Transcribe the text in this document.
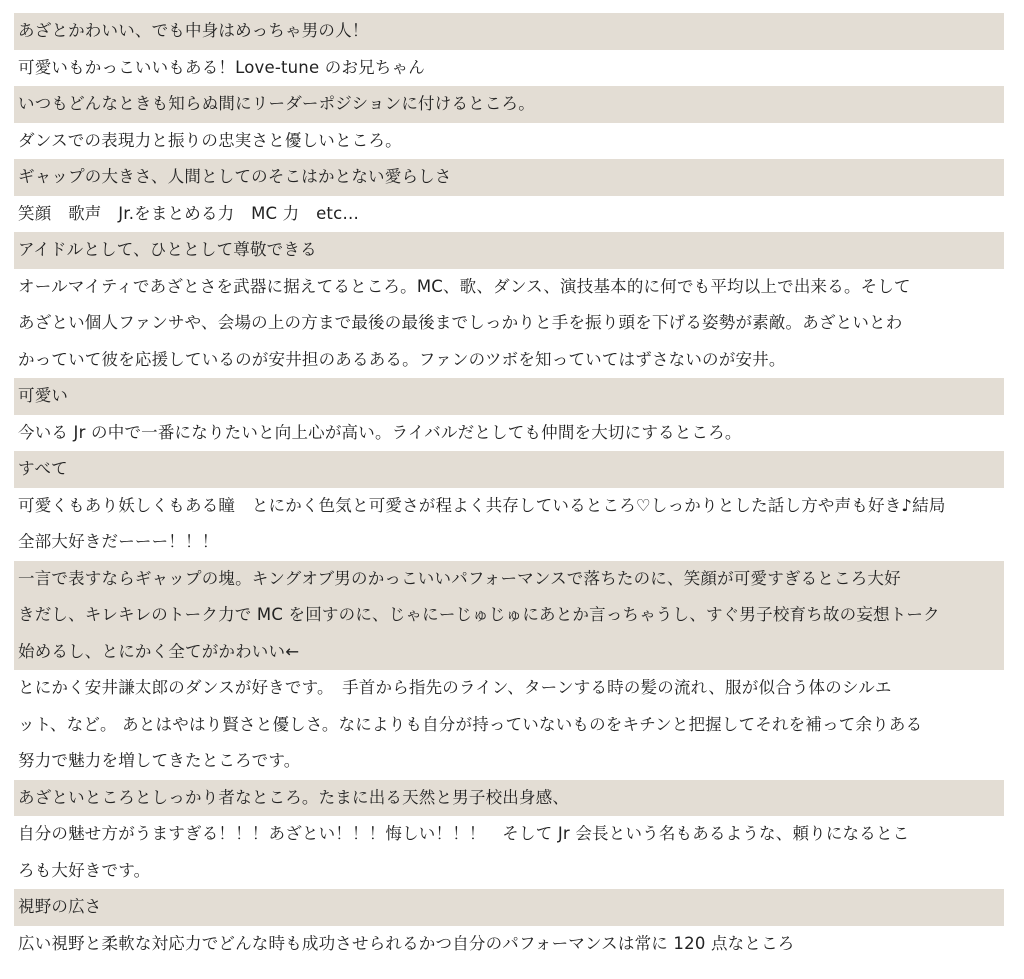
あざとかわいい、でも中身はめっちゃ男の人！
可愛いもかっこいいもある！Love-tune のお兄ちゃん
いつもどんなときも知らぬ間にリーダーポジションに付けるところ。
ダンスでの表現力と振りの忠実さと優しいところ。
ギャップの大きさ、人間としてのそこはかとない愛らしさ
笑顔　歌声　Jr.をまとめる力　MC 力　etc…
アイドルとして、ひととして尊敬できる
オールマイティであざとさを武器に据えてるところ。MC、歌、ダンス、演技基本的に何でも平均以上で出来る。そして
あざとい個人ファンサや、会場の上の方まで最後の最後までしっかりと手を振り頭を下げる姿勢が素敵。あざといとわ
かっていて彼を応援しているのが安井担のあるある。ファンのツボを知っていてはずさないのが安井。
可愛い
今いる Jr の中で一番になりたいと向上心が高い。ライバルだとしても仲間を大切にするところ。
すべて
可愛くもあり妖しくもある瞳　とにかく色気と可愛さが程よく共存しているところ♡しっかりとした話し方や声も好き♪結局
全部大好きだーーー！！！
一言で表すならギャップの塊。キングオブ男のかっこいいパフォーマンスで落ちたのに、笑顔が可愛すぎるところ大好
きだし、キレキレのトーク力で MC を回すのに、じゃにーじゅじゅにあとか言っちゃうし、すぐ男子校育ち故の妄想トーク
始めるし、とにかく全てがかわいい←
とにかく安井謙太郎のダンスが好きです。　手首から指先のライン、ターンする時の髪の流れ、服が似合う体のシルエ
ット、など。 あとはやはり賢さと優しさ。なによりも自分が持っていないものをキチンと把握してそれを補って余りある
努力で魅力を増してきたところです。
あざといところとしっかり者なところ。たまに出る天然と男子校出身感、
自分の魅せ方がうますぎる！！！あざとい！！！悔しい！！！　そして Jr 会長という名もあるような、頼りになるとこ
ろも大好きです。
視野の広さ
広い視野と柔軟な対応力でどんな時も成功させられるかつ自分のパフォーマンスは常に 120 点なところ
